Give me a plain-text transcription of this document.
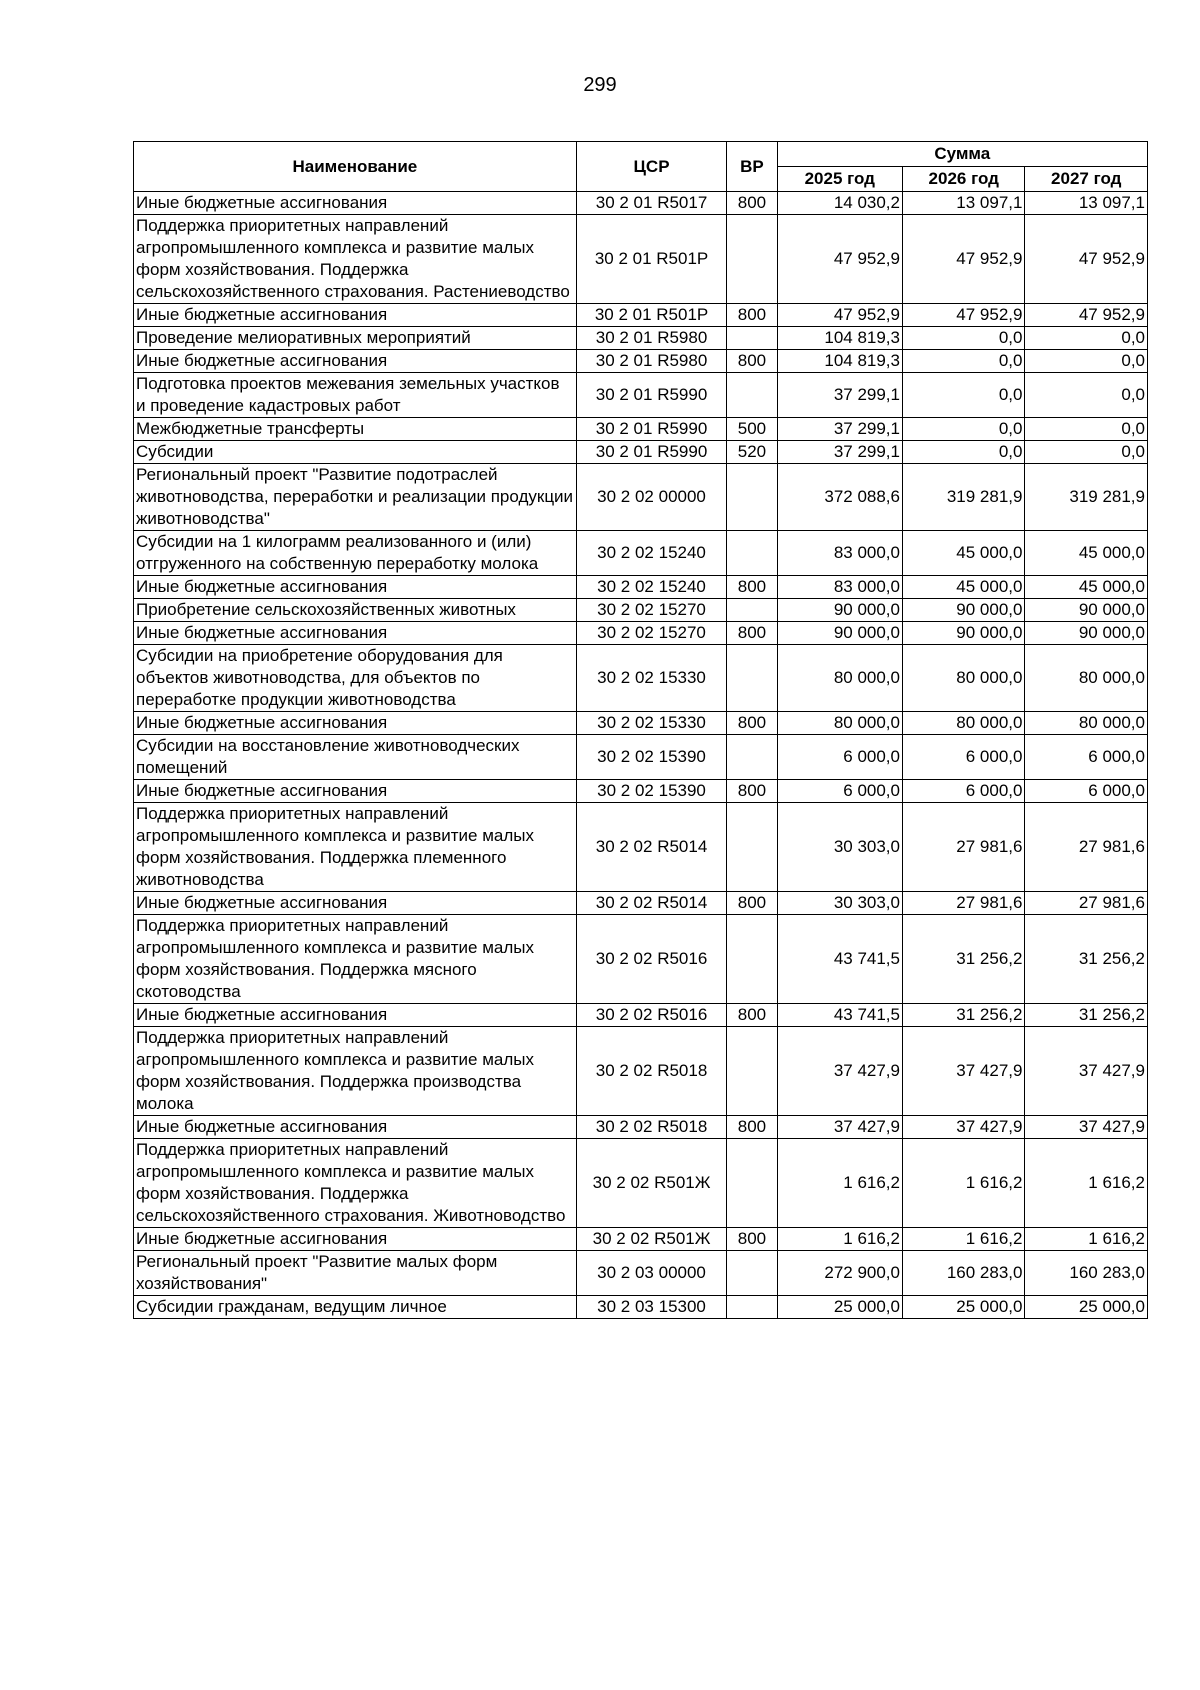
299
Наименование	ЦСР	ВР	Сумма		
			2025 год	2026 год	2027 год
Иные бюджетные ассигнования	30 2 01 R5017	800	14 030,2	13 097,1	13 097,1
Поддержка приоритетных направлений агропромышленного комплекса и развитие малых форм хозяйствования. Поддержка сельскохозяйственного страхования. Растениеводство	30 2 01 R501P		47 952,9	47 952,9	47 952,9
Иные бюджетные ассигнования	30 2 01 R501P	800	47 952,9	47 952,9	47 952,9
Проведение мелиоративных мероприятий	30 2 01 R5980		104 819,3	0,0	0,0
Иные бюджетные ассигнования	30 2 01 R5980	800	104 819,3	0,0	0,0
Подготовка проектов межевания земельных участков и проведение кадастровых работ	30 2 01 R5990		37 299,1	0,0	0,0
Межбюджетные трансферты	30 2 01 R5990	500	37 299,1	0,0	0,0
Субсидии	30 2 01 R5990	520	37 299,1	0,0	0,0
Региональный проект "Развитие подотраслей животноводства, переработки и реализации продукции животноводства"	30 2 02 00000		372 088,6	319 281,9	319 281,9
Субсидии на 1 килограмм реализованного и (или) отгруженного на собственную переработку молока	30 2 02 15240		83 000,0	45 000,0	45 000,0
Иные бюджетные ассигнования	30 2 02 15240	800	83 000,0	45 000,0	45 000,0
Приобретение сельскохозяйственных животных	30 2 02 15270		90 000,0	90 000,0	90 000,0
Иные бюджетные ассигнования	30 2 02 15270	800	90 000,0	90 000,0	90 000,0
Субсидии на приобретение оборудования для объектов животноводства, для объектов по переработке продукции животноводства	30 2 02 15330		80 000,0	80 000,0	80 000,0
Иные бюджетные ассигнования	30 2 02 15330	800	80 000,0	80 000,0	80 000,0
Субсидии на восстановление животноводческих помещений	30 2 02 15390		6 000,0	6 000,0	6 000,0
Иные бюджетные ассигнования	30 2 02 15390	800	6 000,0	6 000,0	6 000,0
Поддержка приоритетных направлений агропромышленного комплекса и развитие малых форм хозяйствования. Поддержка племенного животноводства	30 2 02 R5014		30 303,0	27 981,6	27 981,6
Иные бюджетные ассигнования	30 2 02 R5014	800	30 303,0	27 981,6	27 981,6
Поддержка приоритетных направлений агропромышленного комплекса и развитие малых форм хозяйствования. Поддержка мясного скотоводства	30 2 02 R5016		43 741,5	31 256,2	31 256,2
Иные бюджетные ассигнования	30 2 02 R5016	800	43 741,5	31 256,2	31 256,2
Поддержка приоритетных направлений агропромышленного комплекса и развитие малых форм хозяйствования. Поддержка производства молока	30 2 02 R5018		37 427,9	37 427,9	37 427,9
Иные бюджетные ассигнования	30 2 02 R5018	800	37 427,9	37 427,9	37 427,9
Поддержка приоритетных направлений агропромышленного комплекса и развитие малых форм хозяйствования. Поддержка сельскохозяйственного страхования. Животноводство	30 2 02 R501Ж		1 616,2	1 616,2	1 616,2
Иные бюджетные ассигнования	30 2 02 R501Ж	800	1 616,2	1 616,2	1 616,2
Региональный проект "Развитие малых форм хозяйствования"	30 2 03 00000		272 900,0	160 283,0	160 283,0
Субсидии гражданам, ведущим личное	30 2 03 15300		25 000,0	25 000,0	25 000,0
